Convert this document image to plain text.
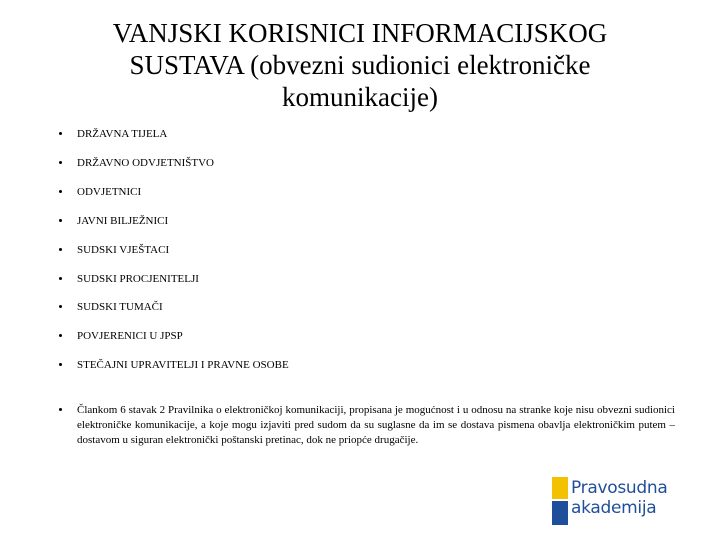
VANJSKI KORISNICI INFORMACIJSKOG SUSTAVA (obvezni sudionici elektroničke komunikacije)
DRŽAVNA TIJELA
DRŽAVNO ODVJETNIŠTVO
ODVJETNICI
JAVNI BILJEŽNICI
SUDSKI VJEŠTACI
SUDSKI PROCJENITELJI
SUDSKI TUMAČI
POVJERENICI U JPSP
STEČAJNI UPRAVITELJI I PRAVNE OSOBE
Člankom 6 stavak 2 Pravilnika o elektroničkoj komunikaciji, propisana je mogućnost i u odnosu na stranke koje nisu obvezni sudionici elektroničke komunikacije, a koje mogu izjaviti pred sudom da su suglasne da im se dostava pismena obavlja elektroničkim putem – dostavom u siguran elektronički poštanski pretinac, dok ne priopće drugačije.
Pravosudna
akademija
